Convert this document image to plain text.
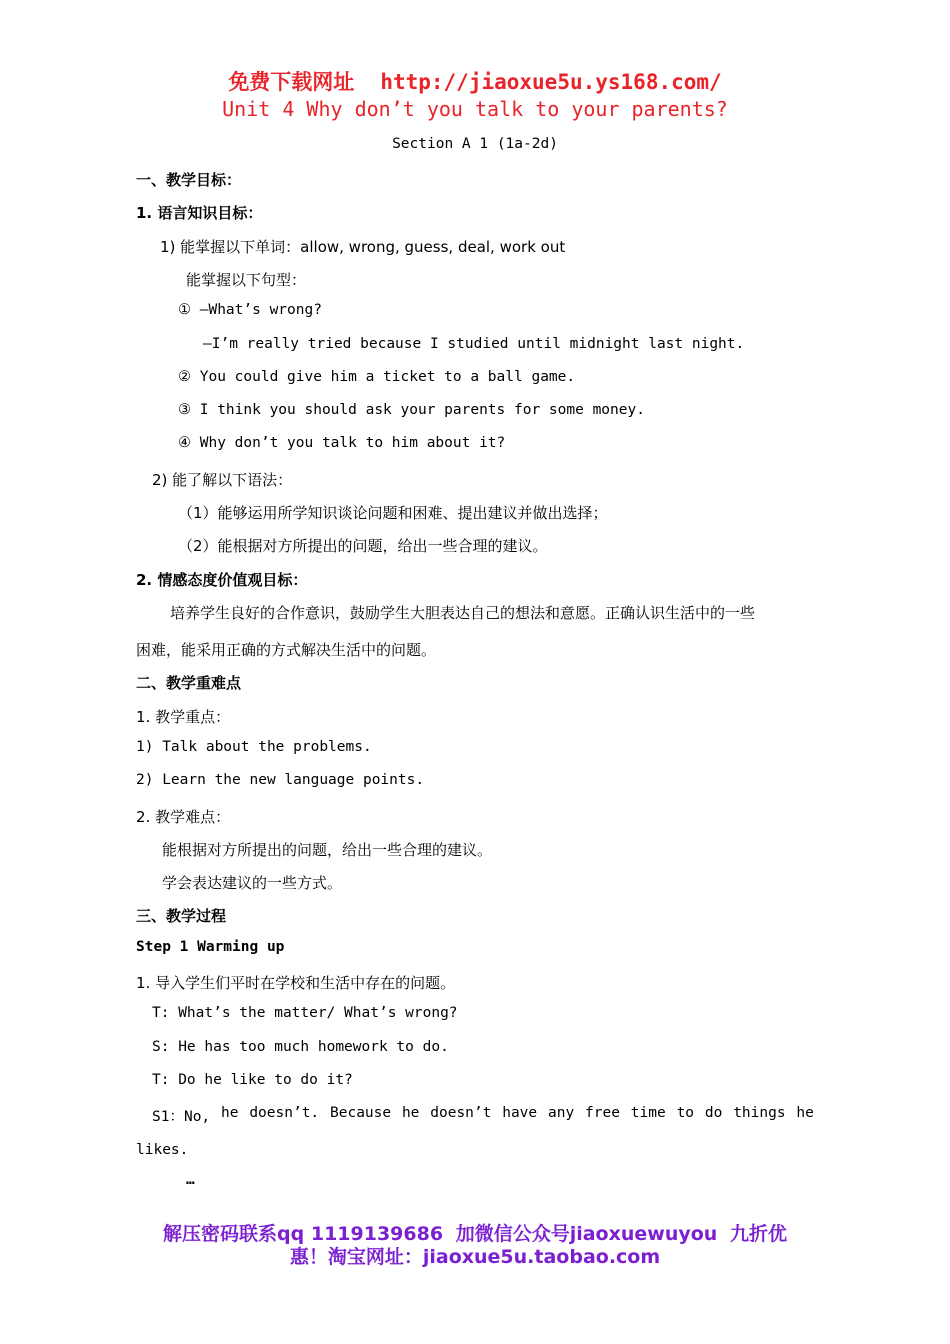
免费下载网址 http://jiaoxue5u.ys168.com/
Unit 4 Why don’t you talk to your parents?
Section A 1 (1a-2d)
一、教学目标：
1. 语言知识目标：
1) 能掌握以下单词：allow, wrong, guess, deal, work out
能掌握以下句型：
① —What’s wrong?
—I’m really tried because I studied until midnight last night.
② You could give him a ticket to a ball game.
③ I think you should ask your parents for some money.
④ Why don’t you talk to him about it?
2) 能了解以下语法：
（1）能够运用所学知识谈论问题和困难、提出建议并做出选择；
（2）能根据对方所提出的问题，给出一些合理的建议。
2. 情感态度价值观目标：
培养学生良好的合作意识，鼓励学生大胆表达自己的想法和意愿。正确认识生活中的一些
困难，能采用正确的方式解决生活中的问题。
二、教学重难点
1. 教学重点：
1) Talk about the problems.
2) Learn the new language points.
2. 教学难点：
能根据对方所提出的问题，给出一些合理的建议。
学会表达建议的一些方式。
三、教学过程
Step 1 Warming up
1. 导入学生们平时在学校和生活中存在的问题。
T: What’s the matter/ What’s wrong?
S: He has too much homework to do.
T: Do he like to do it?
S1：No, he doesn’t. Because he doesn’t have any free time to do things he
likes.
…
解压密码联系qq 1119139686 加微信公众号jiaoxuewuyou 九折优
惠！淘宝网址：jiaoxue5u.taobao.com
